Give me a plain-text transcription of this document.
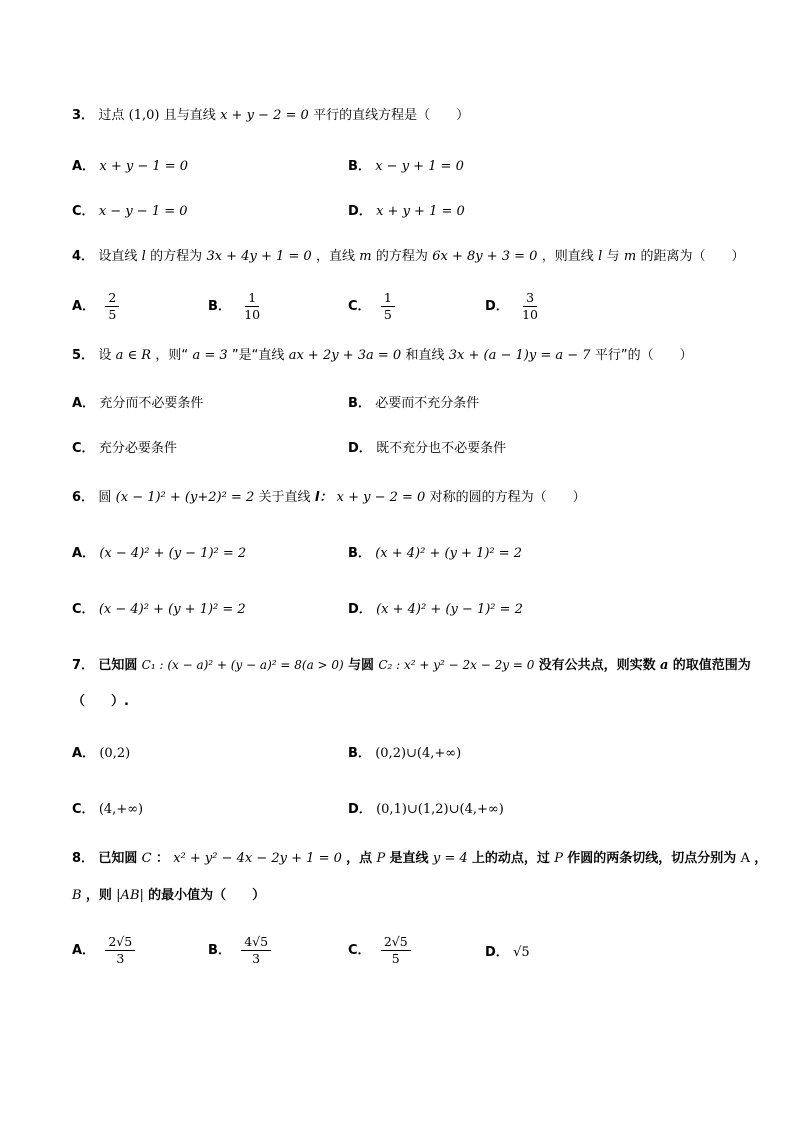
3． 过点 (1,0) 且与直线 x + y − 2 = 0 平行的直线方程是（　　）
A． x + y − 1 = 0	B． x − y + 1 = 0
C． x − y − 1 = 0	D． x + y + 1 = 0
4． 设直线 l 的方程为 3x + 4y + 1 = 0 ，直线 m 的方程为 6x + 8y + 3 = 0 ，则直线 l 与 m 的距离为（　　）
A． $\frac{2}{5}$	B． $\frac{1}{10}$	C． $\frac{1}{5}$	D． $\frac{3}{10}$
5． 设 a ∈ R ，则“ a = 3 ”是“直线 ax + 2y + 3a = 0 和直线 3x + (a − 1)y = a − 7 平行”的（　　）
A． 充分而不必要条件	B． 必要而不充分条件
C． 充分必要条件	D． 既不充分也不必要条件
6． 圆 (x − 1)² + (y+2)² = 2 关于直线 l： x + y − 2 = 0 对称的圆的方程为（　　）
A． (x − 4)² + (y − 1)² = 2	B． (x + 4)² + (y + 1)² = 2
C． (x − 4)² + (y + 1)² = 2	D． (x + 4)² + (y − 1)² = 2
7． 已知圆 C₁ : (x − a)² + (y − a)² = 8(a > 0) 与圆 C₂ : x² + y² − 2x − 2y = 0 没有公共点，则实数 a 的取值范围为
（　　）.
A． (0,2)	B． (0,2)∪(4,+∞)
C． (4,+∞)	D． (0,1)∪(1,2)∪(4,+∞)
8． 已知圆 C ： x² + y² − 4x − 2y + 1 = 0 ，点 P 是直线 y = 4 上的动点，过 P 作圆的两条切线，切点分别为 A ，
B ，则 |AB| 的最小值为（　　）
A． $\frac{2√5}{3}$	B． $\frac{4√5}{3}$	C． $\frac{2√5}{5}$	D． √5
